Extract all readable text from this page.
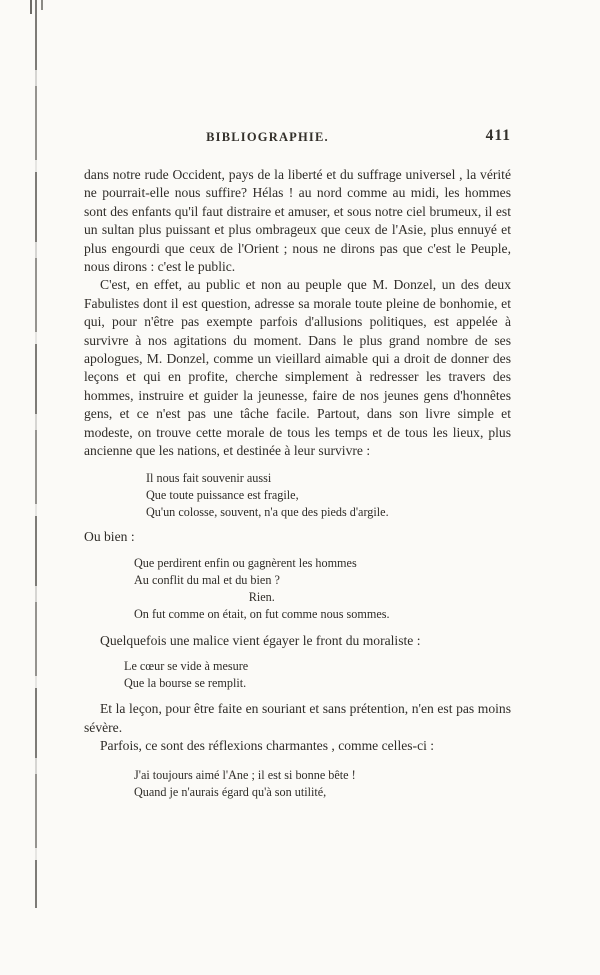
BIBLIOGRAPHIE.	411

dans notre rude Occident, pays de la liberté et du suffrage universel , la vérité ne pourrait-elle nous suffire? Hélas ! au nord comme au midi, les hommes sont des enfants qu'il faut distraire et amuser, et sous notre ciel brumeux, il est un sultan plus puissant et plus ombrageux que ceux de l'Asie, plus ennuyé et plus engourdi que ceux de l'Orient ; nous ne dirons pas que c'est le Peuple, nous dirons : c'est le public.

C'est, en effet, au public et non au peuple que M. Donzel, un des deux Fabulistes dont il est question, adresse sa morale toute pleine de bonhomie, et qui, pour n'être pas exempte parfois d'allusions politiques, est appelée à survivre à nos agitations du moment. Dans le plus grand nombre de ses apologues, M. Donzel, comme un vieillard aimable qui a droit de donner des leçons et qui en profite, cherche simplement à redresser les travers des hommes, instruire et guider la jeunesse, faire de nos jeunes gens d'honnêtes gens, et ce n'est pas une tâche facile. Partout, dans son livre simple et modeste, on trouve cette morale de tous les temps et de tous les lieux, plus ancienne que les nations, et destinée à leur survivre :

Il nous fait souvenir aussi
Que toute puissance est fragile,
Qu'un colosse, souvent, n'a que des pieds d'argile.

Ou bien :

Que perdirent enfin ou gagnèrent les hommes
Au conflit du mal et du bien ?
Rien.
On fut comme on était, on fut comme nous sommes.

Quelquefois une malice vient égayer le front du moraliste :

Le cœur se vide à mesure
Que la bourse se remplit.

Et la leçon, pour être faite en souriant et sans prétention, n'en est pas moins sévère.

Parfois, ce sont des réflexions charmantes , comme celles-ci :

J'ai toujours aimé l'Ane ; il est si bonne bête !
Quand je n'aurais égard qu'à son utilité,
